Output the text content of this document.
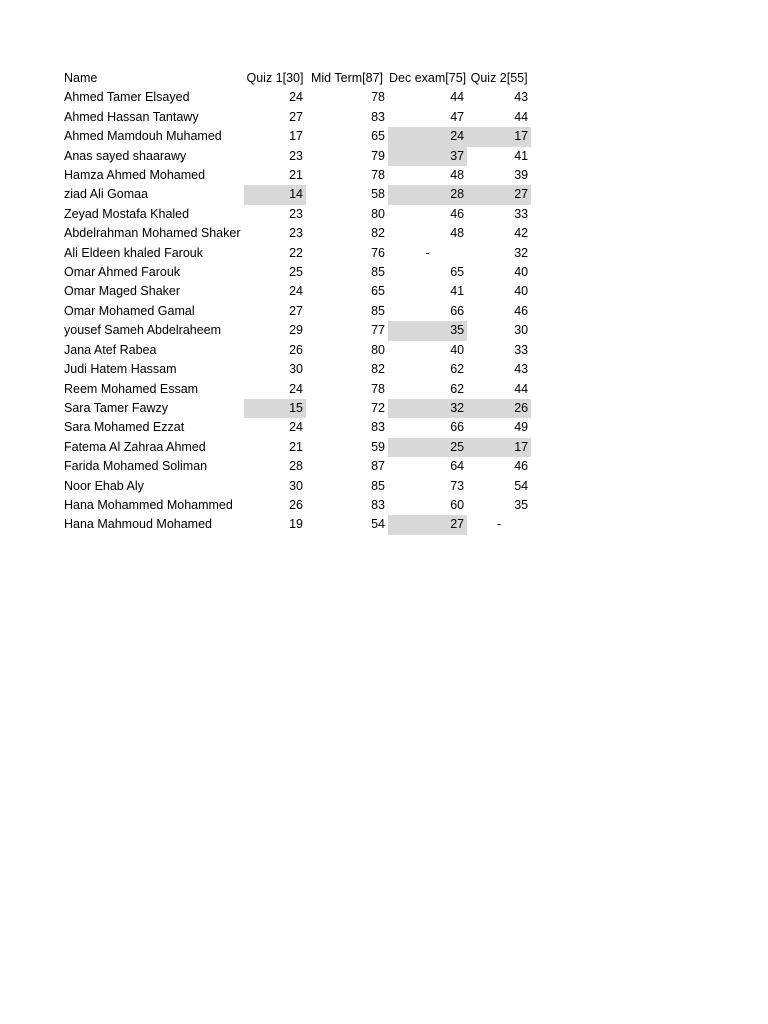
Name	Quiz 1[30]	Mid Term[87]	Dec exam[75]	Quiz 2[55]
Ahmed Tamer Elsayed	24	78	44	43
Ahmed Hassan Tantawy	27	83	47	44
Ahmed Mamdouh Muhamed	17	65	24	17
Anas sayed shaarawy	23	79	37	41
Hamza Ahmed Mohamed	21	78	48	39
ziad Ali Gomaa	14	58	28	27
Zeyad Mostafa Khaled	23	80	46	33
Abdelrahman Mohamed Shaker	23	82	48	42
Ali Eldeen khaled Farouk	22	76	-	32
Omar Ahmed Farouk	25	85	65	40
Omar Maged Shaker	24	65	41	40
Omar Mohamed Gamal	27	85	66	46
yousef Sameh Abdelraheem	29	77	35	30
Jana Atef Rabea	26	80	40	33
Judi Hatem Hassam	30	82	62	43
Reem Mohamed Essam	24	78	62	44
Sara Tamer Fawzy	15	72	32	26
Sara Mohamed Ezzat	24	83	66	49
Fatema Al Zahraa Ahmed	21	59	25	17
Farida Mohamed Soliman	28	87	64	46
Noor Ehab Aly	30	85	73	54
Hana Mohammed Mohammed	26	83	60	35
Hana Mahmoud Mohamed	19	54	27	-
